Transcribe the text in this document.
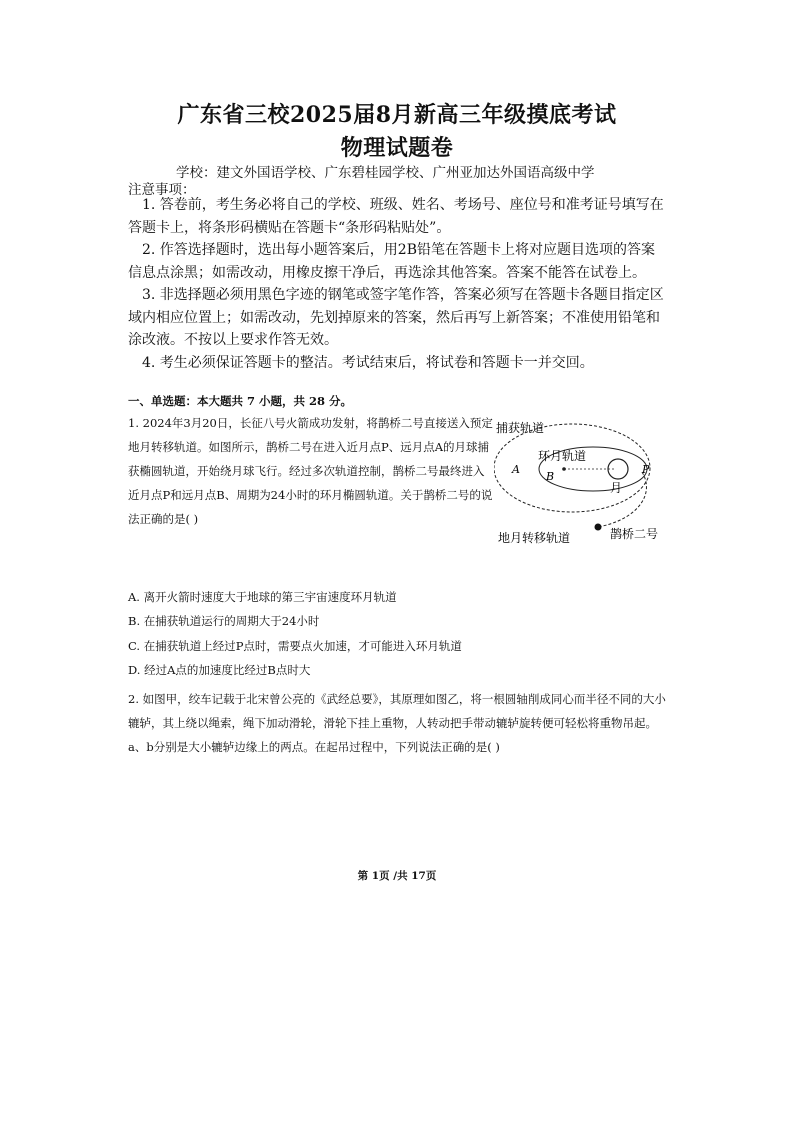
广东省三校2025届8月新高三年级摸底考试
物理试题卷
学校：建文外国语学校、广东碧桂园学校、广州亚加达外国语高级中学
注意事项：

1. 答卷前，考生务必将自己的学校、班级、姓名、考场号、座位号和准考证号填写在答题卡上，将条形码横贴在答题卡“条形码粘贴处”。

2. 作答选择题时，选出每小题答案后，用2B铅笔在答题卡上将对应题目选项的答案信息点涂黑；如需改动，用橡皮擦干净后，再选涂其他答案。答案不能答在试卷上。

3. 非选择题必须用黑色字迹的钢笔或签字笔作答，答案必须写在答题卡各题目指定区域内相应位置上；如需改动，先划掉原来的答案，然后再写上新答案；不准使用铅笔和涂改液。不按以上要求作答无效。

4. 考生必须保证答题卡的整洁。考试结束后，将试卷和答题卡一并交回。

一、单选题：本大题共 7 小题，共 28 分。
1. 2024年3月20日，长征八号火箭成功发射，将鹊桥二号直接送入预定地月转移轨道。如图所示，鹊桥二号在进入近月点P、远月点A的月球捕获椭圆轨道，开始绕月球飞行。经过多次轨道控制，鹊桥二号最终进入近月点P和远月点B、周期为24小时的环月椭圆轨道。关于鹊桥二号的说法正确的是( )
捕获轨道
环月轨道
A
B
P
月
鹊桥二号
地月转移轨道
A. 离开火箭时速度大于地球的第三宇宙速度环月轨道
B. 在捕获轨道运行的周期大于24小时
C. 在捕获轨道上经过P点时，需要点火加速，才可能进入环月轨道
D. 经过A点的加速度比经过B点时大
2. 如图甲，绞车记载于北宋曾公亮的《武经总要》，其原理如图乙，将一根圆轴削成同心而半径不同的大小辘轳，其上绕以绳索，绳下加动滑轮，滑轮下挂上重物，人转动把手带动辘轳旋转便可轻松将重物吊起。a、b分别是大小辘轳边缘上的两点。在起吊过程中，下列说法正确的是( )
第 1页 /共 17页
